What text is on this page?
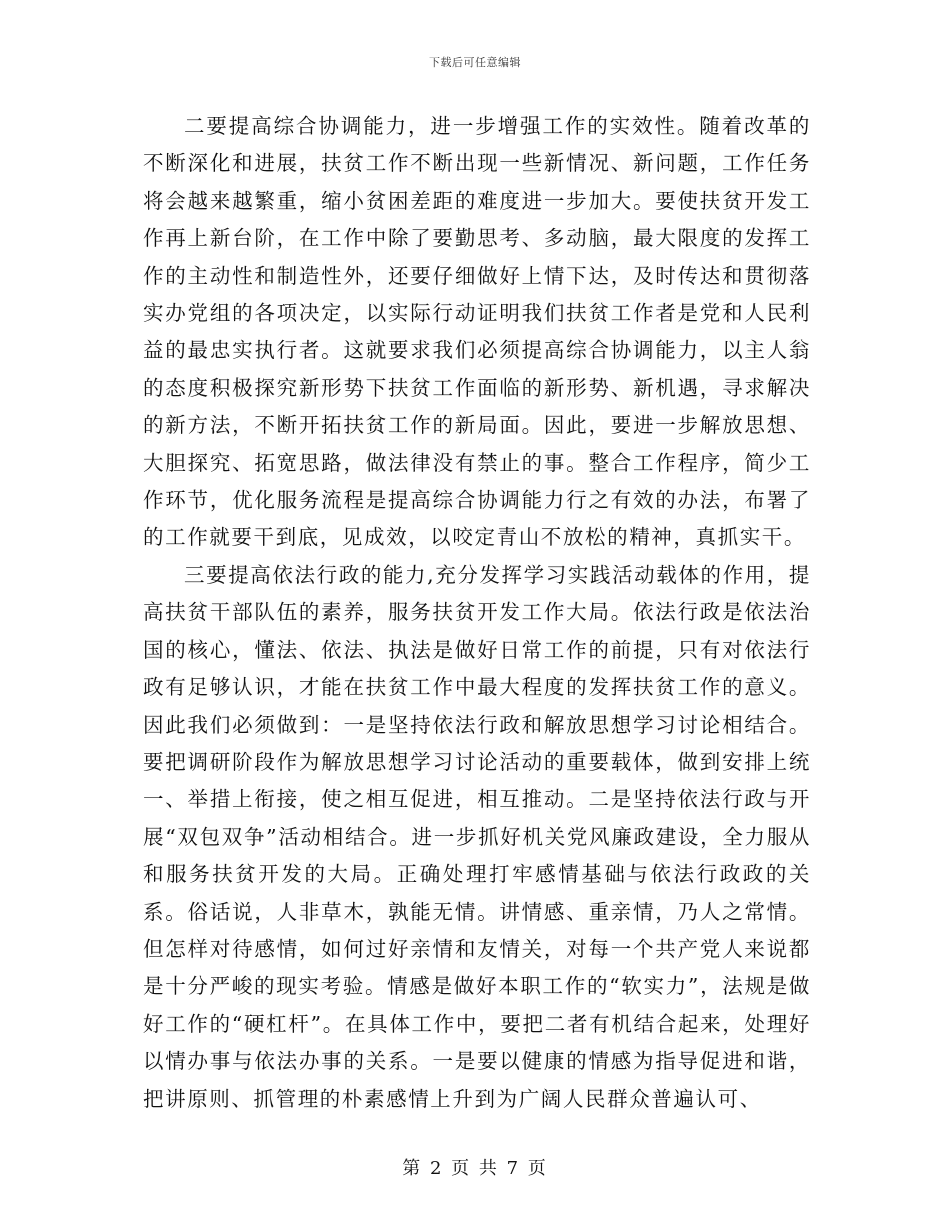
下载后可任意编辑

二要提高综合协调能力，进一步增强工作的实效性。随着改革的不断深化和进展，扶贫工作不断出现一些新情况、新问题，工作任务将会越来越繁重，缩小贫困差距的难度进一步加大。要使扶贫开发工作再上新台阶，在工作中除了要勤思考、多动脑，最大限度的发挥工作的主动性和制造性外，还要仔细做好上情下达，及时传达和贯彻落实办党组的各项决定，以实际行动证明我们扶贫工作者是党和人民利益的最忠实执行者。这就要求我们必须提高综合协调能力，以主人翁的态度积极探究新形势下扶贫工作面临的新形势、新机遇，寻求解决的新方法，不断开拓扶贫工作的新局面。因此，要进一步解放思想、大胆探究、拓宽思路，做法律没有禁止的事。整合工作程序，简少工作环节，优化服务流程是提高综合协调能力行之有效的办法，布署了的工作就要干到底，见成效，以咬定青山不放松的精神，真抓实干。

三要提高依法行政的能力,充分发挥学习实践活动载体的作用，提高扶贫干部队伍的素养，服务扶贫开发工作大局。依法行政是依法治国的核心，懂法、依法、执法是做好日常工作的前提，只有对依法行政有足够认识，才能在扶贫工作中最大程度的发挥扶贫工作的意义。因此我们必须做到：一是坚持依法行政和解放思想学习讨论相结合。要把调研阶段作为解放思想学习讨论活动的重要载体，做到安排上统一、举措上衔接，使之相互促进，相互推动。二是坚持依法行政与开展“双包双争”活动相结合。进一步抓好机关党风廉政建设，全力服从和服务扶贫开发的大局。正确处理打牢感情基础与依法行政政的关系。俗话说，人非草木，孰能无情。讲情感、重亲情，乃人之常情。但怎样对待感情，如何过好亲情和友情关，对每一个共产党人来说都是十分严峻的现实考验。情感是做好本职工作的“软实力”，法规是做好工作的“硬杠杆”。在具体工作中，要把二者有机结合起来，处理好以情办事与依法办事的关系。一是要以健康的情感为指导促进和谐，把讲原则、抓管理的朴素感情上升到为广阔人民群众普遍认可、

第 2 页 共 7 页
